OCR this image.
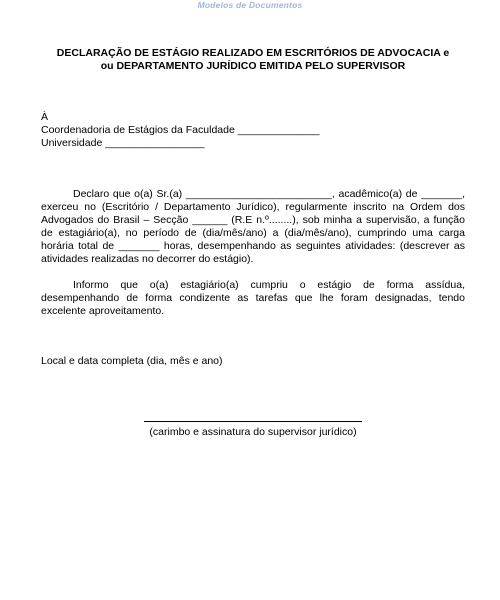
Modelos de Documentos
DECLARAÇÃO DE ESTÁGIO REALIZADO EM ESCRITÓRIOS DE ADVOCACIA e
ou DEPARTAMENTO JURÍDICO EMITIDA PELO SUPERVISOR
À
Coordenadoria de Estágios da Faculdade ______________
Universidade _________________

Declaro que o(a) Sr.(a) _________________________, acadêmico(a) de _______, exerceu no (Escritório / Departamento Jurídico), regularmente inscrito na Ordem dos Advogados do Brasil – Secção ______ (R.E n.º........), sob minha a supervisão, a função de estagiário(a), no período de (dia/mês/ano) a (dia/mês/ano), cumprindo uma carga horária total de _______ horas, desempenhando as seguintes atividades: (descrever as atividades realizadas no decorrer do estágio).

Informo que o(a) estagiário(a) cumpriu o estágio de forma assídua, desempenhando de forma condizente as tarefas que lhe foram designadas, tendo excelente aproveitamento.

Local e data completa (dia, mês e ano)
(carimbo e assinatura do supervisor jurídico)
